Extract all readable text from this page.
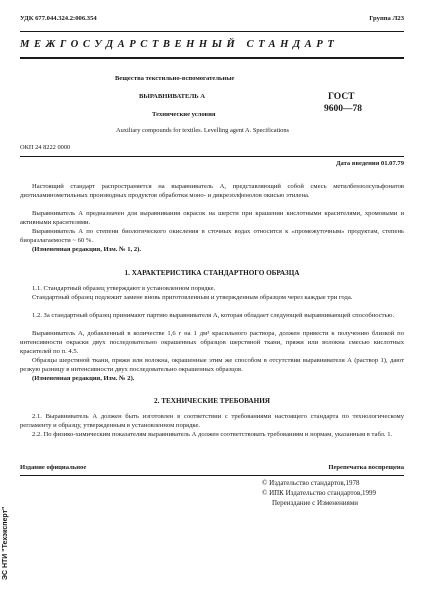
УДК 677.044.324.2:006.354	Группа Л23
МЕЖГОСУДАРСТВЕННЫЙ СТАНДАРТ
Вещества текстильно-вспомогательные
ВЫРАВНИВАТЕЛЬ А
Технические условия
ГОСТ
9600—78
Auxiliary compounds for textiles. Levelling agent A. Specifications
ОКП 24 8222 0000
Дата введения 01.07.79
Настоящий стандарт распространяется на выравниватель А, представляющий собой смесь метилбензолсульфонатов диэтиламинометильных производных продуктов обработки моно- и дикрезолфенолов окисью этилена.
Выравниватель А предназначен для выравнивания окрасок на шерсти при крашении кислотными красителями, хромовыми и активными красителями.
Выравниватель А по степени биологического окисления в сточных водах относится к «промежуточным» продуктам, степень биоразлагаемости ~ 60 %.
(Измененная редакция, Изм. № 1, 2).
1. ХАРАКТЕРИСТИКА СТАНДАРТНОГО ОБРАЗЦА
1.1. Стандартный образец утверждают в установленном порядке.
Стандартный образец подлежит замене вновь приготовленным и утвержденным образцом через каждые три года.
1.2. За стандартный образец принимают партию выравнивателя А, которая обладает следующей выравнивающей способностью.
Выравниватель А, добавленный в количестве 1,6 г на 1 дм³ красильного раствора, должен привести к получению близкой по интенсивности окраски двух последовательно окрашенных образцов шерстяной ткани, пряжи или волокна смесью кислотных красителей по п. 4.5.
Образцы шерстяной ткани, пряжи или волокна, окрашенные этим же способом в отсутствии выравнивателя А (раствор 1), дают резкую разницу в интенсивности двух последовательно окрашенных образцов.
(Измененная редакция, Изм. № 2).
2. ТЕХНИЧЕСКИЕ ТРЕБОВАНИЯ
2.1. Выравниватель А должен быть изготовлен в соответствии с требованиями настоящего стандарта по технологическому регламенту и образцу, утвержденным в установленном порядке.
2.2. По физико-химическим показателям выравниватель А должен соответствовать требованиям и нормам, указанным в табл. 1.
ЭС НТИ "Техэксперт"
Издание официальное	Перепечатка воспрещена
© Издательство стандартов,1978
© ИПК Издательство стандартов,1999
Переиздание с Изменениями
